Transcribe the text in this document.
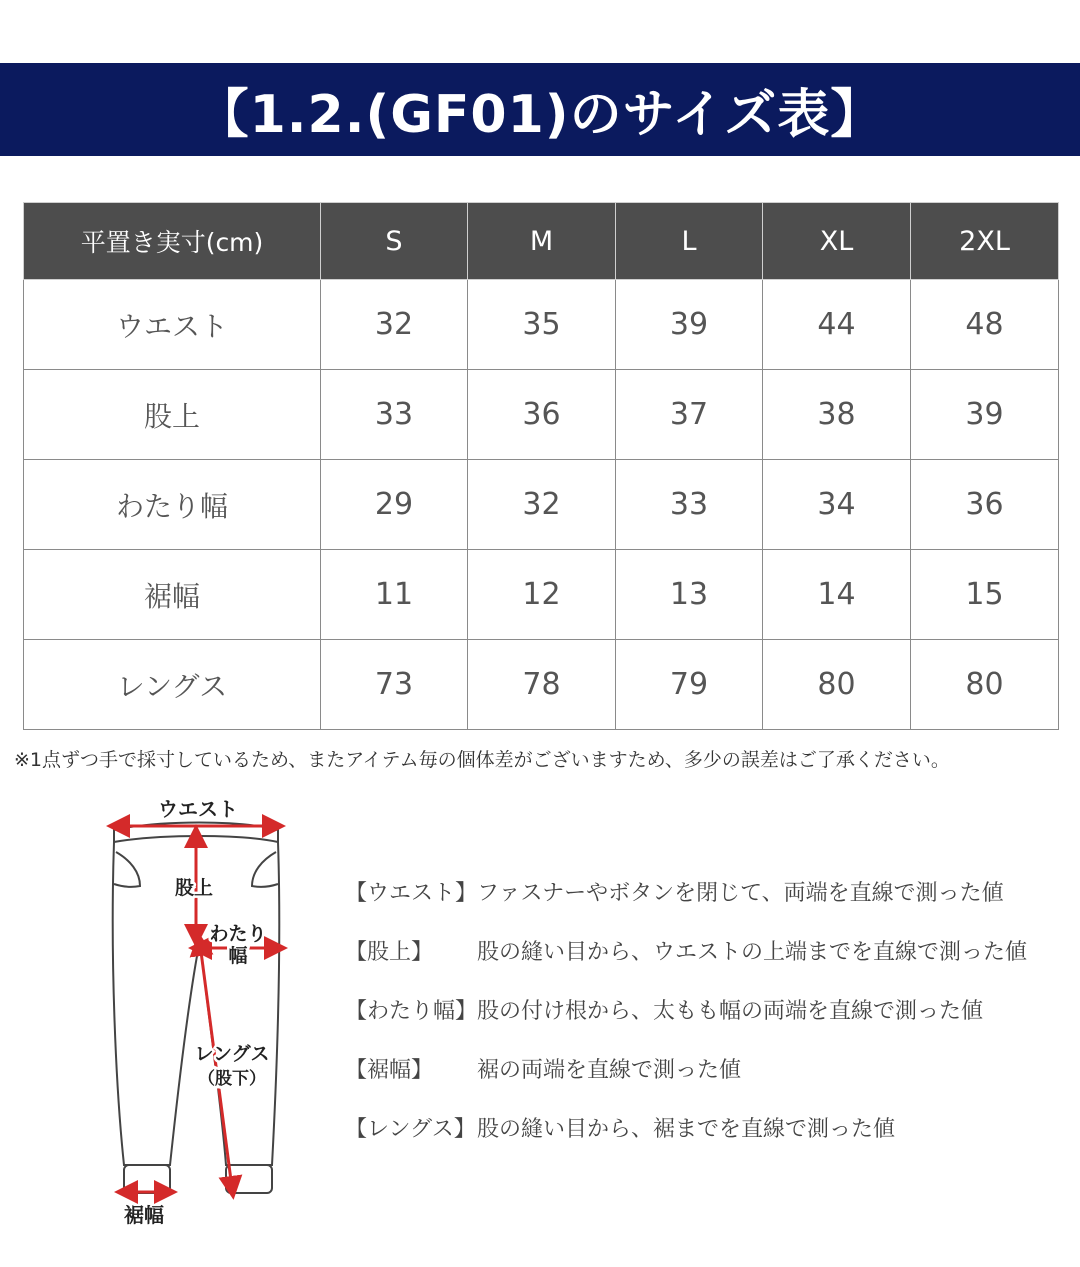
【1.2.(GF01)のサイズ表】
平置き実寸(cm)	S	M	L	XL	2XL
ウエスト	32	35	39	44	48
股上	33	36	37	38	39
わたり幅	29	32	33	34	36
裾幅	11	12	13	14	15
レングス	73	78	79	80	80
※1点ずつ手で採寸しているため、またアイテム毎の個体差がございますため、多少の誤差はご了承ください。
ウエスト
股上
わたり
幅
レングス
（股下）
裾幅
【ウエスト】 ファスナーやボタンを閉じて、両端を直線で測った値
【股上】	股の縫い目から、ウエストの上端までを直線で測った値
【わたり幅】 股の付け根から、太もも幅の両端を直線で測った値
【裾幅】	裾の両端を直線で測った値
【レングス】 股の縫い目から、裾までを直線で測った値
